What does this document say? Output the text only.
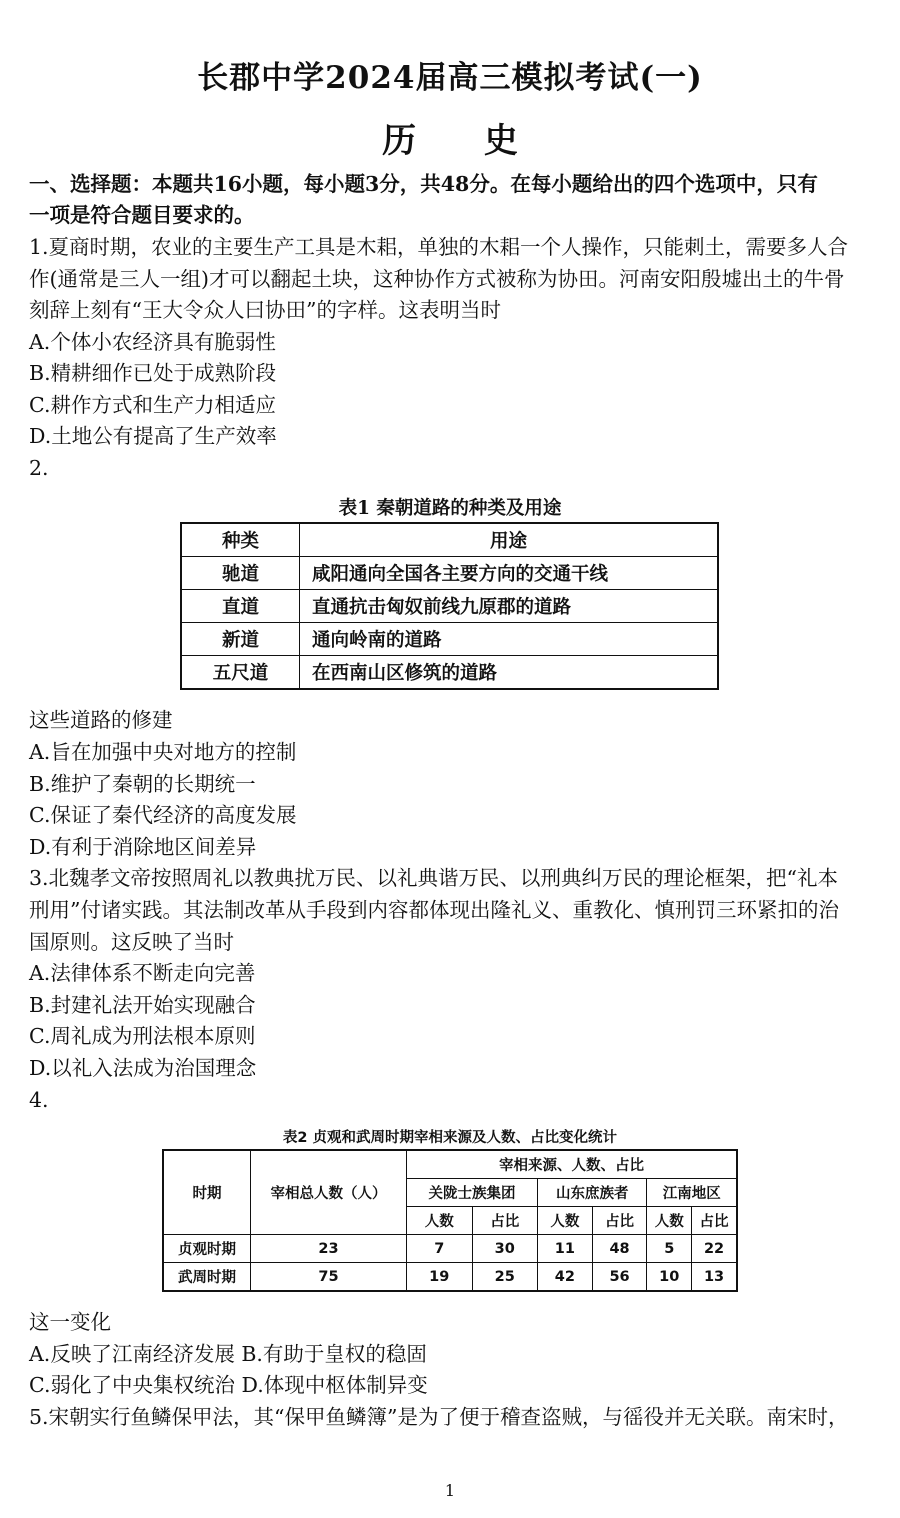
长郡中学2024届高三模拟考试(一)
历 史
一、选择题：本题共16小题，每小题3分，共48分。在每小题给出的四个选项中，只有
一项是符合题目要求的。
1.夏商时期，农业的主要生产工具是木耜，单独的木耜一个人操作，只能刺土，需要多人合
作(通常是三人一组)才可以翻起土块，这种协作方式被称为协田。河南安阳殷墟出土的牛骨
刻辞上刻有“王大令众人曰协田”的字样。这表明当时
A.个体小农经济具有脆弱性
B.精耕细作已处于成熟阶段
C.耕作方式和生产力相适应
D.土地公有提高了生产效率
2.
表1 秦朝道路的种类及用途
种类	用途
驰道	咸阳通向全国各主要方向的交通干线
直道	直通抗击匈奴前线九原郡的道路
新道	通向岭南的道路
五尺道	在西南山区修筑的道路
这些道路的修建
A.旨在加强中央对地方的控制
B.维护了秦朝的长期统一
C.保证了秦代经济的高度发展
D.有利于消除地区间差异
3.北魏孝文帝按照周礼以教典扰万民、以礼典谐万民、以刑典纠万民的理论框架，把“礼本
刑用”付诸实践。其法制改革从手段到内容都体现出隆礼义、重教化、慎刑罚三环紧扣的治
国原则。这反映了当时
A.法律体系不断走向完善
B.封建礼法开始实现融合
C.周礼成为刑法根本原则
D.以礼入法成为治国理念
4.
表2 贞观和武周时期宰相来源及人数、占比变化统计
时期	宰相总人数（人）	宰相来源、人数、占比					
		关陇士族集团		山东庶族者		江南地区	
		人数	占比	人数	占比	人数	占比
贞观时期	23	7	30	11	48	5	22
武周时期	75	19	25	42	56	10	13
这一变化
A.反映了江南经济发展 B.有助于皇权的稳固
C.弱化了中央集权统治 D.体现中枢体制异变
5.宋朝实行鱼鳞保甲法，其“保甲鱼鳞簿”是为了便于稽查盗贼，与徭役并无关联。南宋时，
1
